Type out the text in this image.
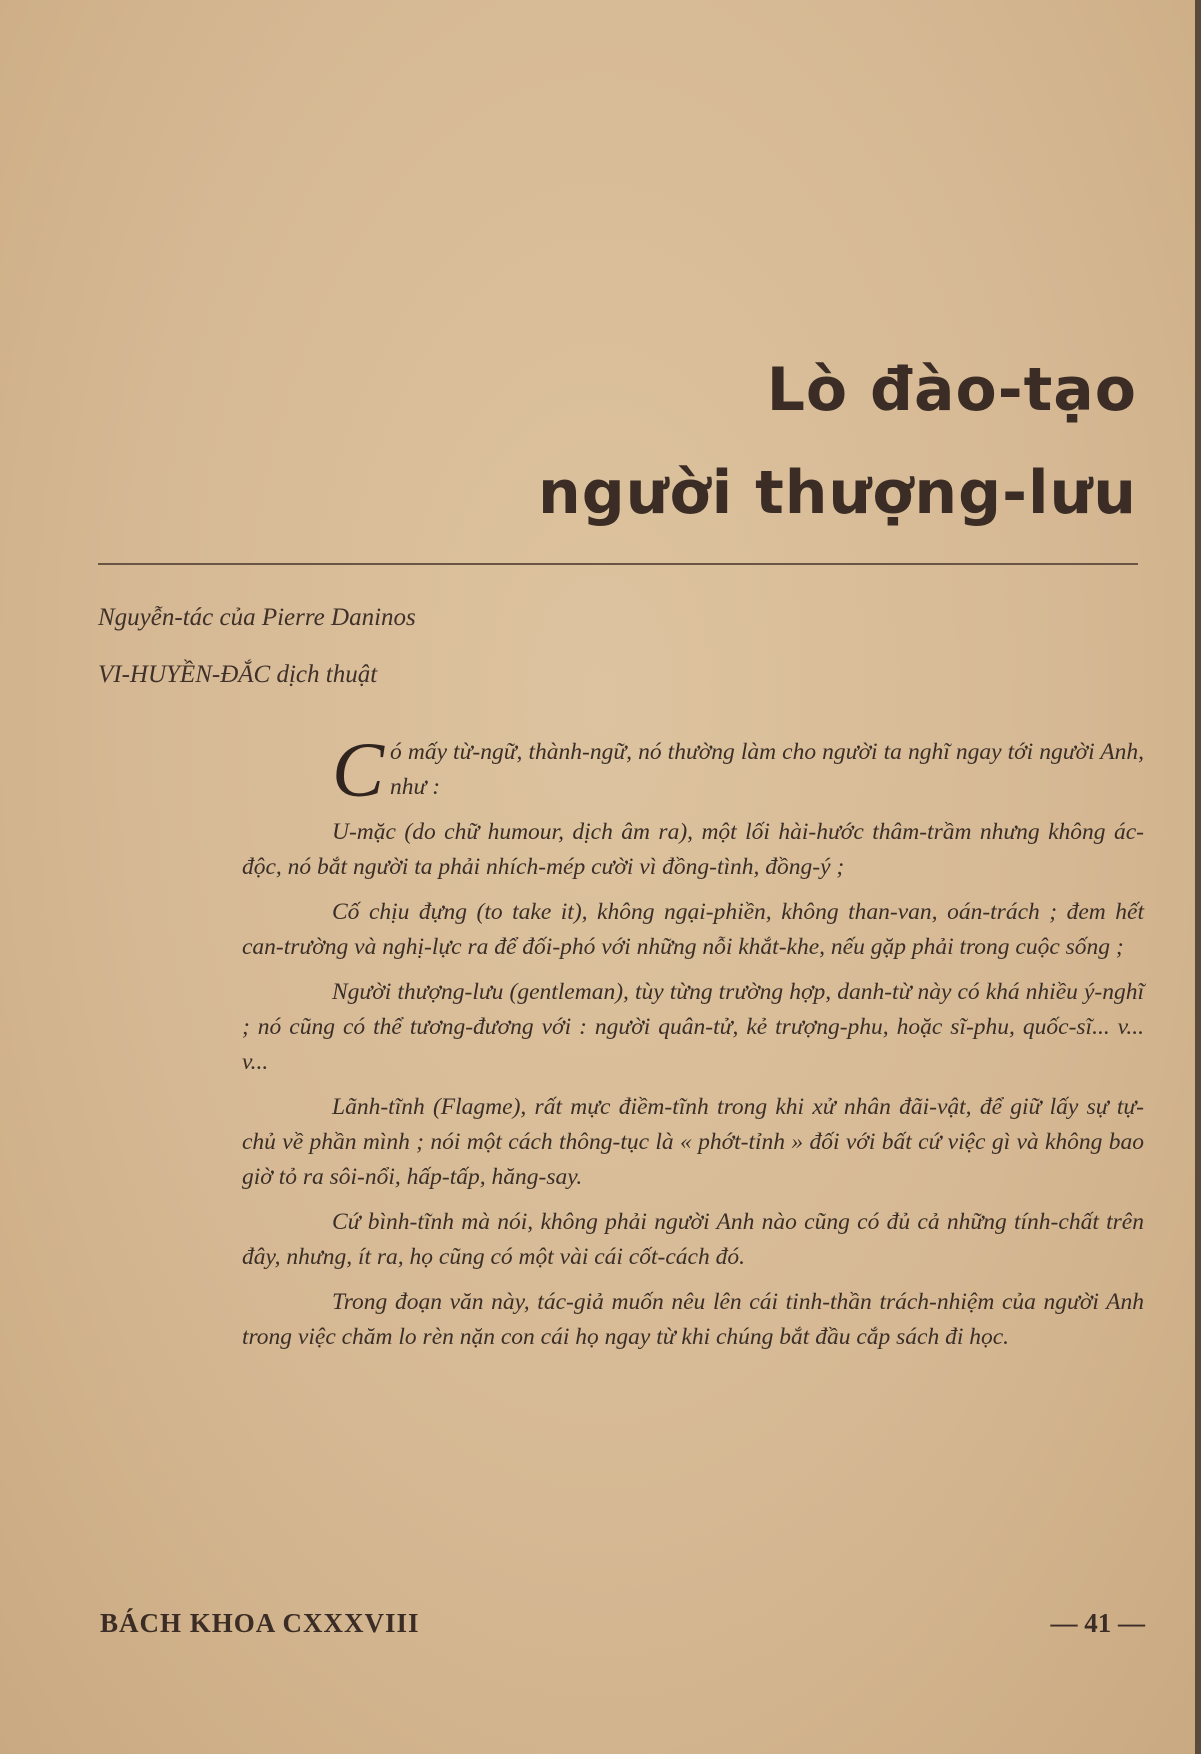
Lò đào-tạo
người thượng-lưu
Nguyễn-tác của Pierre Daninos
VI-HUYỀN-ĐẮC dịch thuật

C ó mấy từ-ngữ, thành-ngữ, nó thường làm cho người ta nghĩ ngay tới người Anh, như :

U-mặc (do chữ humour, dịch âm ra), một lối hài-hước thâm-trầm nhưng không ác-độc, nó bắt người ta phải nhích-mép cười vì đồng-tình, đồng-ý ;

Cố chịu đựng (to take it), không ngại-phiền, không than-van, oán-trách ; đem hết can-trường và nghị-lực ra để đối-phó với những nỗi khắt-khe, nếu gặp phải trong cuộc sống ;

Người thượng-lưu (gentleman), tùy từng trường hợp, danh-từ này có khá nhiều ý-nghĩ ; nó cũng có thể tương-đương với : người quân-tử, kẻ trượng-phu, hoặc sĩ-phu, quốc-sĩ... v... v...

Lãnh-tĩnh (Flagme), rất mực điềm-tĩnh trong khi xử nhân đãi-vật, để giữ lấy sự tự-chủ về phần mình ; nói một cách thông-tục là « phớt-tỉnh » đối với bất cứ việc gì và không bao giờ tỏ ra sôi-nổi, hấp-tấp, hăng-say.

Cứ bình-tĩnh mà nói, không phải người Anh nào cũng có đủ cả những tính-chất trên đây, nhưng, ít ra, họ cũng có một vài cái cốt-cách đó.

Trong đoạn văn này, tác-giả muốn nêu lên cái tinh-thần trách-nhiệm của người Anh trong việc chăm lo rèn nặn con cái họ ngay từ khi chúng bắt đầu cắp sách đi học.

BÁCH KHOA CXXXVIII	— 41 —
